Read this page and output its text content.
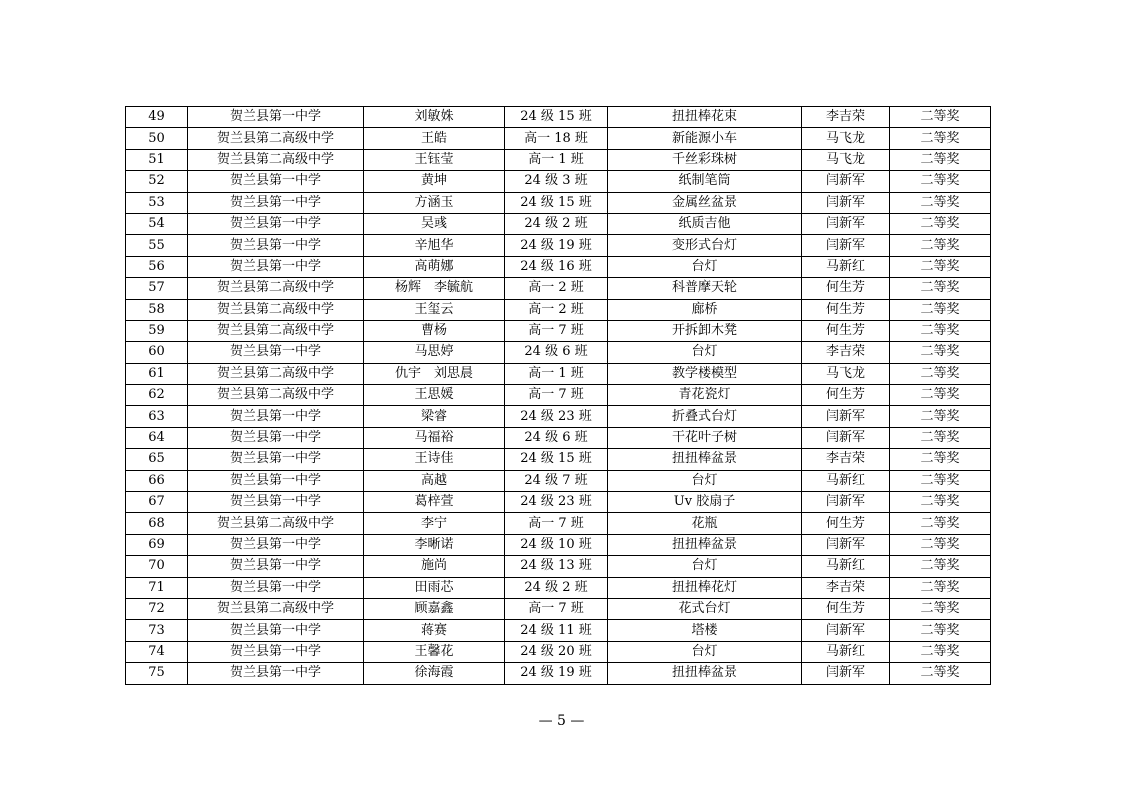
49	贺兰县第一中学	刘敏姝	24 级 15 班	扭扭棒花束	李吉荣	二等奖
50	贺兰县第二高级中学	王皓	高一 18 班	新能源小车	马飞龙	二等奖
51	贺兰县第二高级中学	王钰莹	高一 1 班	千丝彩珠树	马飞龙	二等奖
52	贺兰县第一中学	黄坤	24 级 3 班	纸制笔筒	闫新军	二等奖
53	贺兰县第一中学	方涵玉	24 级 15 班	金属丝盆景	闫新军	二等奖
54	贺兰县第一中学	吴彧	24 级 2 班	纸质吉他	闫新军	二等奖
55	贺兰县第一中学	辛旭华	24 级 19 班	变形式台灯	闫新军	二等奖
56	贺兰县第一中学	高萌娜	24 级 16 班	台灯	马新红	二等奖
57	贺兰县第二高级中学	杨辉　李毓航	高一 2 班	科普摩天轮	何生芳	二等奖
58	贺兰县第二高级中学	王玺云	高一 2 班	廊桥	何生芳	二等奖
59	贺兰县第二高级中学	曹杨	高一 7 班	开拆卸木凳	何生芳	二等奖
60	贺兰县第一中学	马思婷	24 级 6 班	台灯	李吉荣	二等奖
61	贺兰县第二高级中学	仇宇　刘思晨	高一 1 班	教学楼模型	马飞龙	二等奖
62	贺兰县第二高级中学	王思媛	高一 7 班	青花瓷灯	何生芳	二等奖
63	贺兰县第一中学	梁睿	24 级 23 班	折叠式台灯	闫新军	二等奖
64	贺兰县第一中学	马福裕	24 级 6 班	干花叶子树	闫新军	二等奖
65	贺兰县第一中学	王诗佳	24 级 15 班	扭扭棒盆景	李吉荣	二等奖
66	贺兰县第一中学	高越	24 级 7 班	台灯	马新红	二等奖
67	贺兰县第一中学	葛梓萱	24 级 23 班	Uv 胶扇子	闫新军	二等奖
68	贺兰县第二高级中学	李宁	高一 7 班	花瓶	何生芳	二等奖
69	贺兰县第一中学	李晰诺	24 级 10 班	扭扭棒盆景	闫新军	二等奖
70	贺兰县第一中学	施尚	24 级 13 班	台灯	马新红	二等奖
71	贺兰县第一中学	田雨芯	24 级 2 班	扭扭棒花灯	李吉荣	二等奖
72	贺兰县第二高级中学	顾嘉鑫	高一 7 班	花式台灯	何生芳	二等奖
73	贺兰县第一中学	蒋赛	24 级 11 班	塔楼	闫新军	二等奖
74	贺兰县第一中学	王馨花	24 级 20 班	台灯	马新红	二等奖
75	贺兰县第一中学	徐海霞	24 级 19 班	扭扭棒盆景	闫新军	二等奖
— 5 —
